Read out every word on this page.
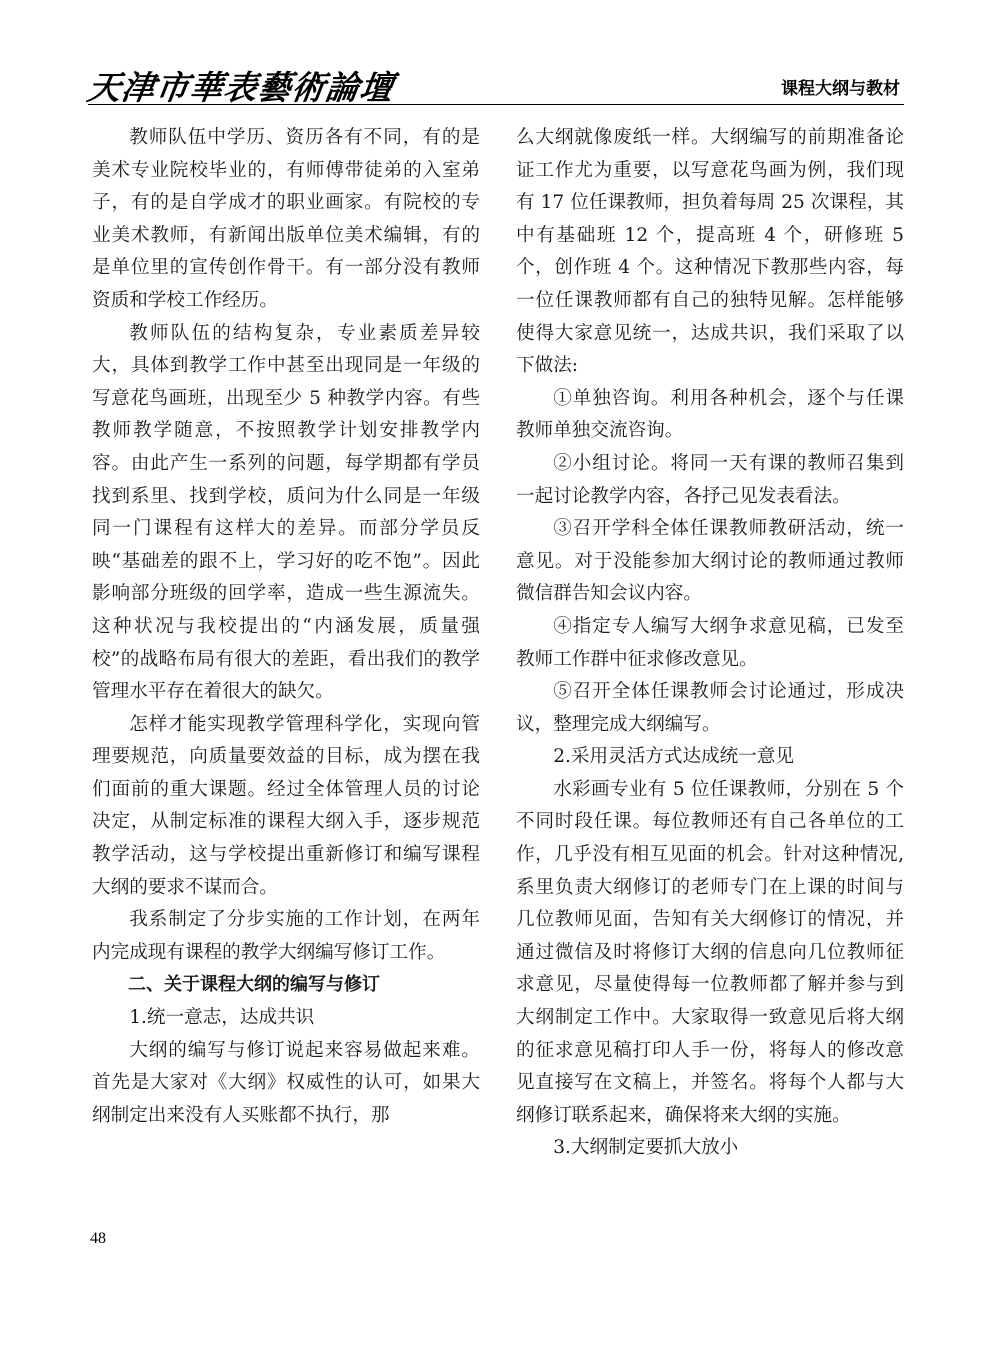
天津市華表藝術論壇	课程大纲与教材

教师队伍中学历、资历各有不同，有的是美术专业院校毕业的，有师傅带徒弟的入室弟子，有的是自学成才的职业画家。有院校的专业美术教师，有新闻出版单位美术编辑，有的是单位里的宣传创作骨干。有一部分没有教师资质和学校工作经历。

教师队伍的结构复杂，专业素质差异较大，具体到教学工作中甚至出现同是一年级的写意花鸟画班，出现至少 5 种教学内容。有些教师教学随意，不按照教学计划安排教学内容。由此产生一系列的问题，每学期都有学员找到系里、找到学校，质问为什么同是一年级同一门课程有这样大的差异。而部分学员反映“基础差的跟不上，学习好的吃不饱”。因此影响部分班级的回学率，造成一些生源流失。这种状况与我校提出的“内涵发展，质量强校”的战略布局有很大的差距，看出我们的教学管理水平存在着很大的缺欠。

怎样才能实现教学管理科学化，实现向管理要规范，向质量要效益的目标，成为摆在我们面前的重大课题。经过全体管理人员的讨论决定，从制定标准的课程大纲入手，逐步规范教学活动，这与学校提出重新修订和编写课程大纲的要求不谋而合。

我系制定了分步实施的工作计划，在两年内完成现有课程的教学大纲编写修订工作。

二、关于课程大纲的编写与修订

1.统一意志，达成共识

大纲的编写与修订说起来容易做起来难。首先是大家对《大纲》权威性的认可，如果大纲制定出来没有人买账都不执行，那

么大纲就像废纸一样。大纲编写的前期准备论证工作尤为重要，以写意花鸟画为例，我们现有 17 位任课教师，担负着每周 25 次课程，其中有基础班 12 个，提高班 4 个，研修班 5 个，创作班 4 个。这种情况下教那些内容，每一位任课教师都有自己的独特见解。怎样能够使得大家意见统一，达成共识，我们采取了以下做法:

①单独咨询。利用各种机会，逐个与任课教师单独交流咨询。

②小组讨论。将同一天有课的教师召集到一起讨论教学内容，各抒己见发表看法。

③召开学科全体任课教师教研活动，统一意见。对于没能参加大纲讨论的教师通过教师微信群告知会议内容。

④指定专人编写大纲争求意见稿，已发至教师工作群中征求修改意见。

⑤召开全体任课教师会讨论通过，形成决议，整理完成大纲编写。

2.采用灵活方式达成统一意见

水彩画专业有 5 位任课教师，分别在 5 个不同时段任课。每位教师还有自己各单位的工作，几乎没有相互见面的机会。针对这种情况,系里负责大纲修订的老师专门在上课的时间与几位教师见面，告知有关大纲修订的情况，并通过微信及时将修订大纲的信息向几位教师征求意见，尽量使得每一位教师都了解并参与到大纲制定工作中。大家取得一致意见后将大纲的征求意见稿打印人手一份，将每人的修改意见直接写在文稿上，并签名。将每个人都与大纲修订联系起来，确保将来大纲的实施。

3.大纲制定要抓大放小

48
